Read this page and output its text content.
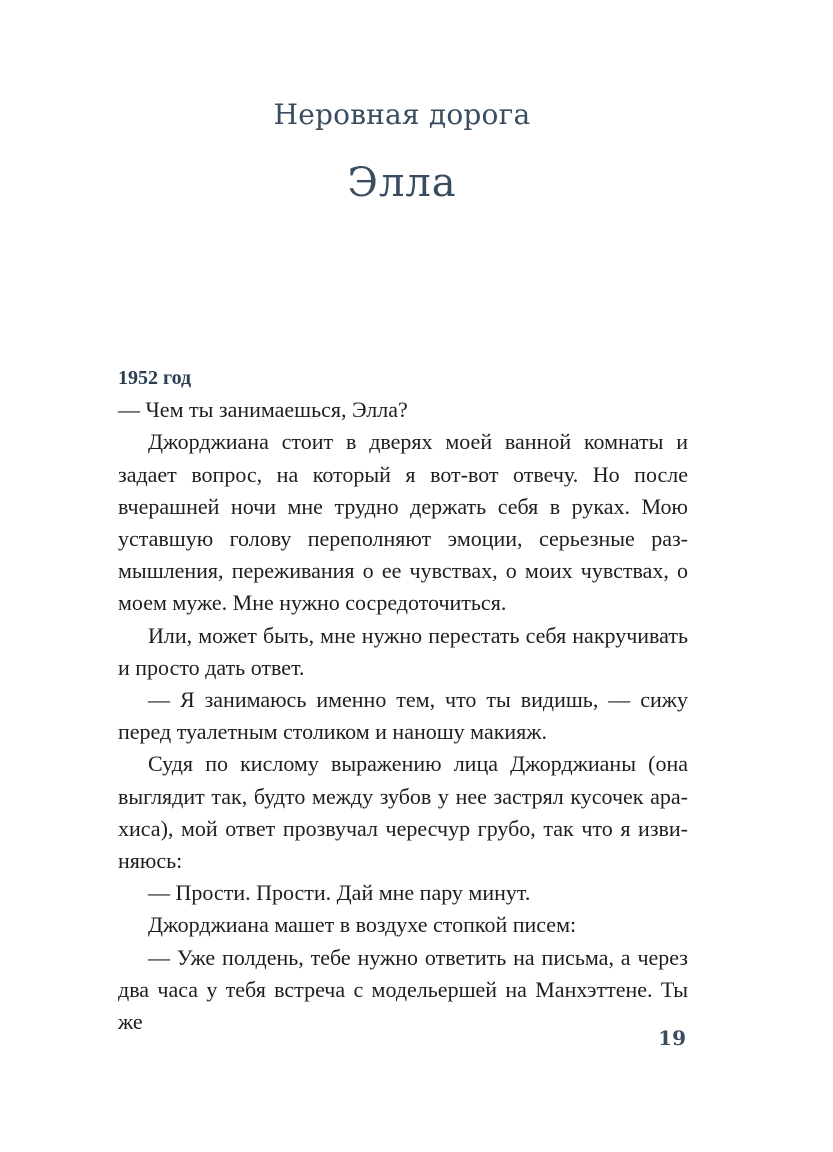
Неровная дорога
Элла

1952 год

— Чем ты занимаешься, Элла?

Джорджиана стоит в дверях моей ванной комнаты и задает вопрос, на который я вот-вот отвечу. Но после вчерашней ночи мне трудно держать себя в руках. Мою уставшую голову переполняют эмоции, серьезные размышления, переживания о ее чувствах, о моих чувствах, о моем муже. Мне нужно сосредоточиться.

Или, может быть, мне нужно перестать себя накручивать и просто дать ответ.

— Я занимаюсь именно тем, что ты видишь, — сижу перед туалетным столиком и наношу макияж.

Судя по кислому выражению лица Джорджианы (она выглядит так, будто между зубов у нее застрял кусочек арахиса), мой ответ прозвучал чересчур грубо, так что я извиняюсь:

— Прости. Прости. Дай мне пару минут.

Джорджиана машет в воздухе стопкой писем:

— Уже полдень, тебе нужно ответить на письма, а через два часа у тебя встреча с модельершей на Манхэттене. Ты же

19
